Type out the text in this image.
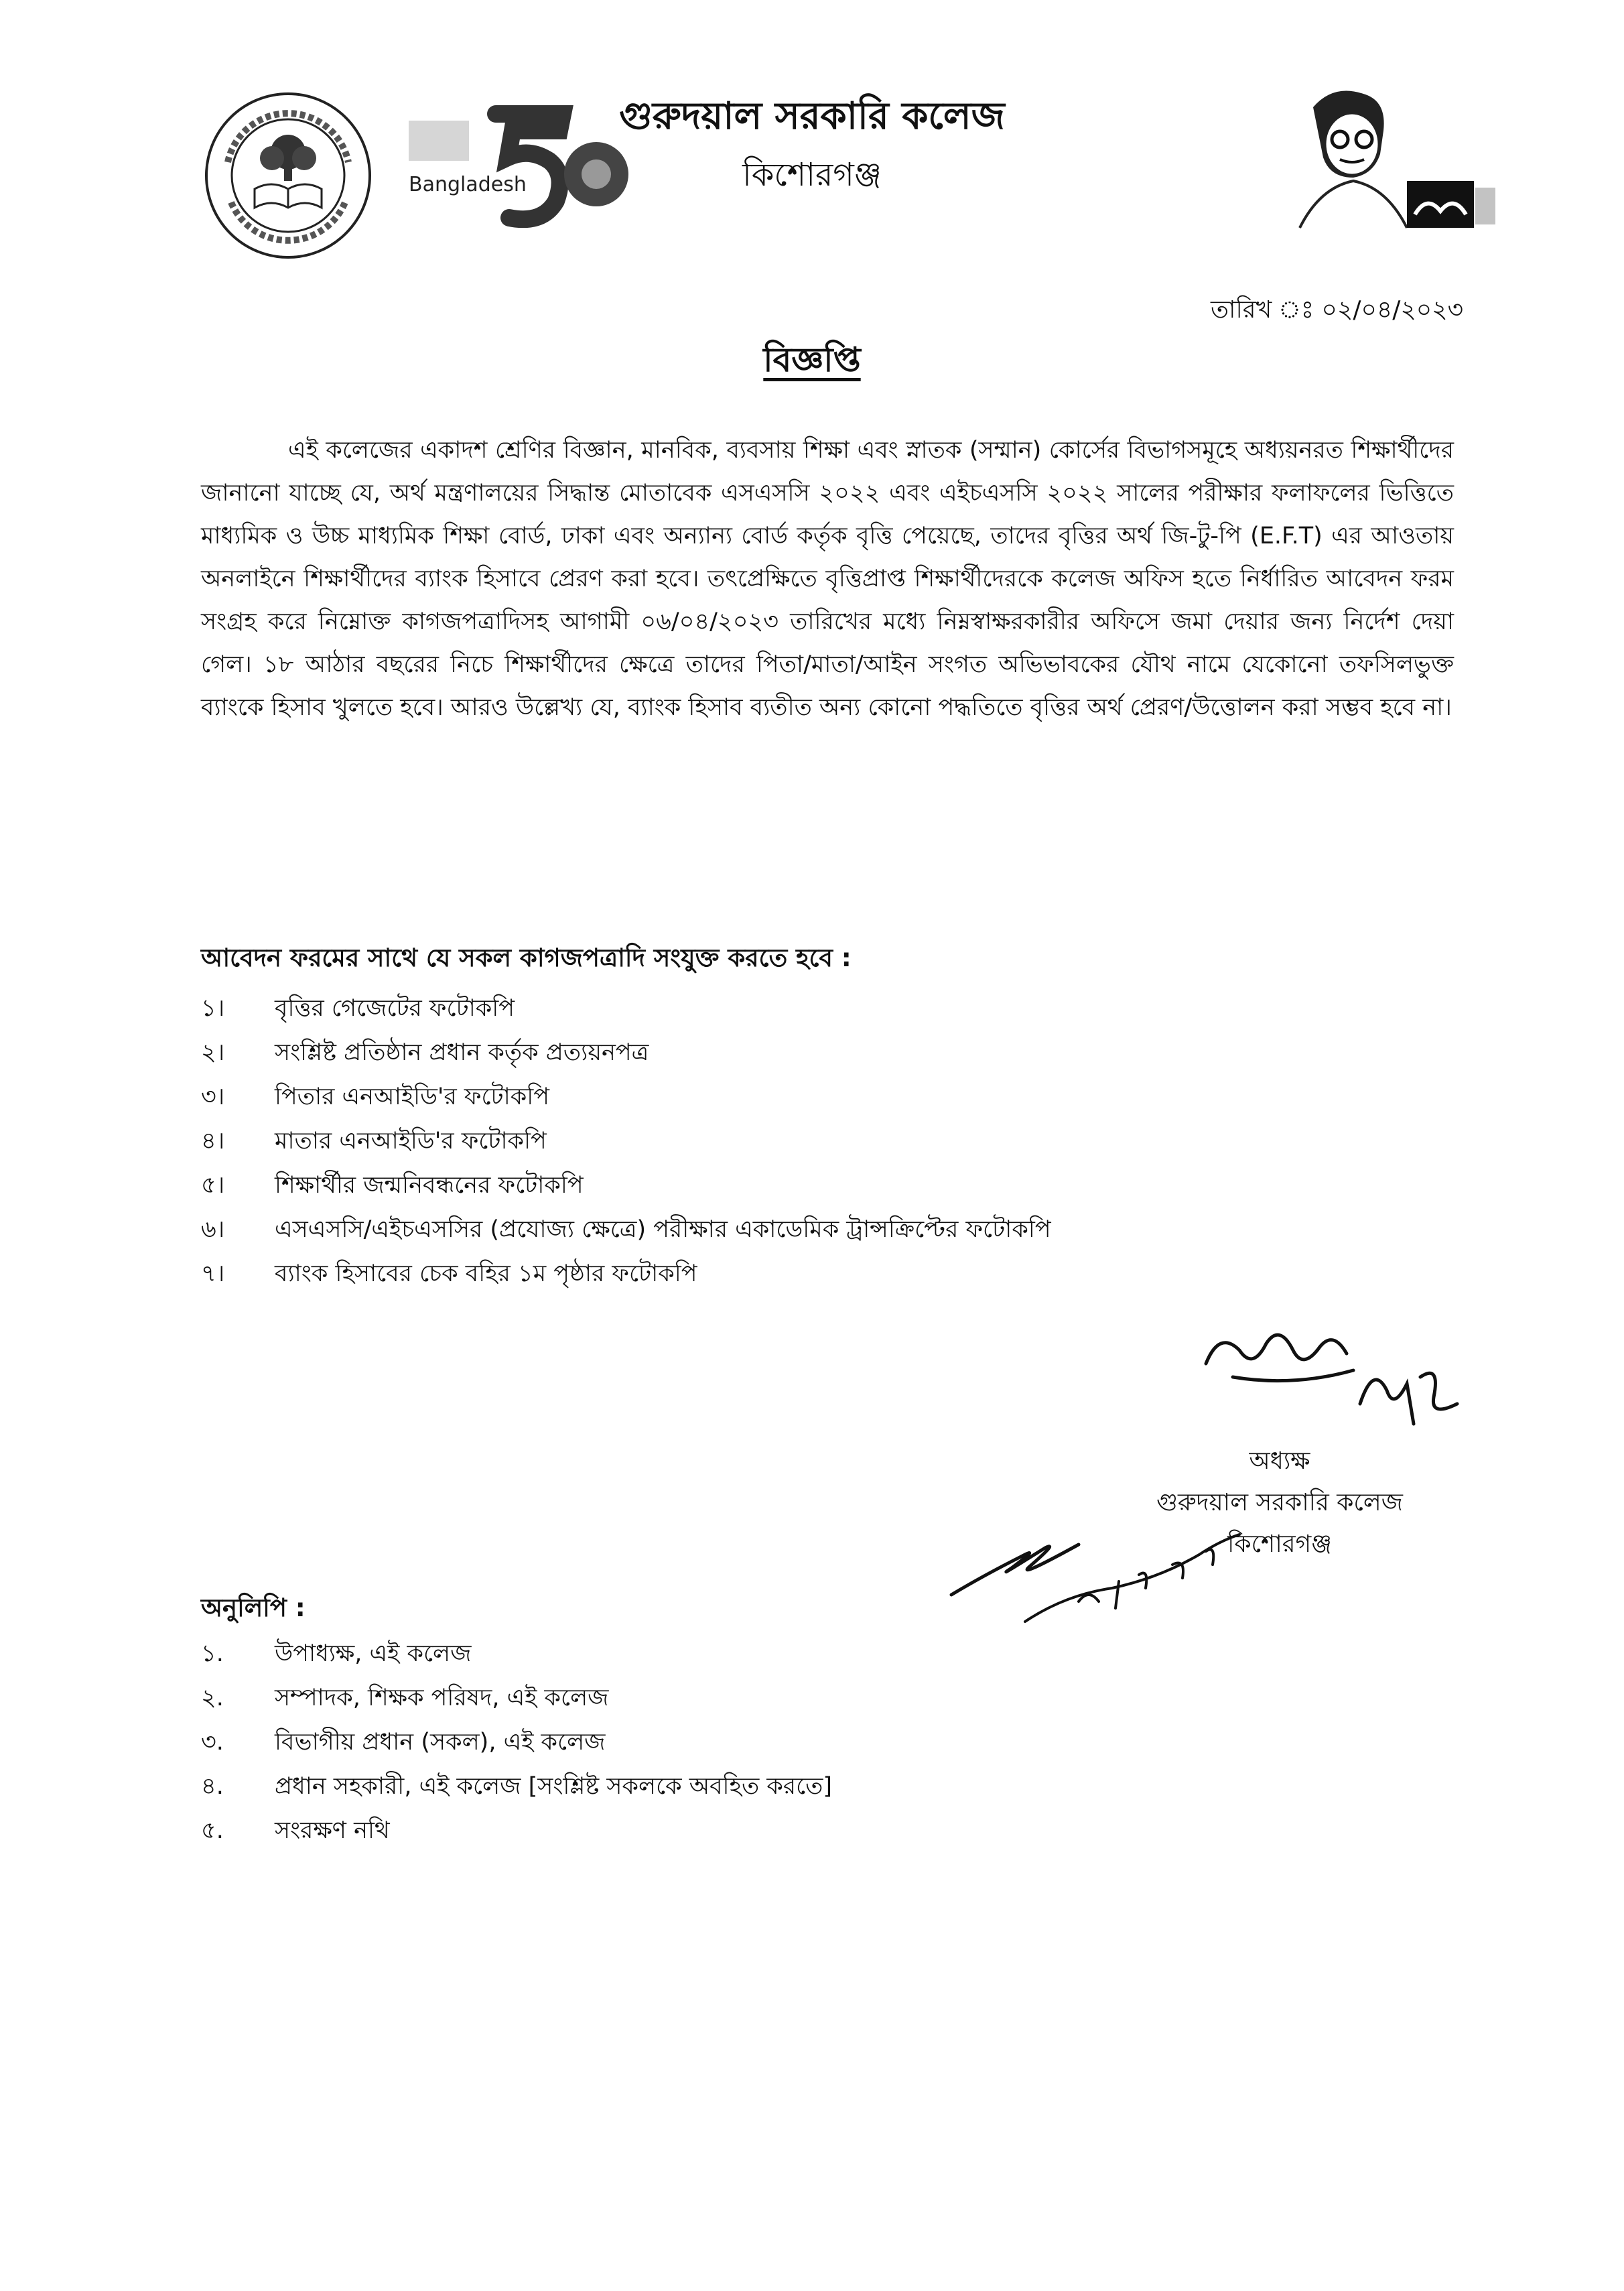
Bangladesh
গুরুদয়াল সরকারি কলেজ
কিশোরগঞ্জ
তারিখ ঃ ০২/০৪/২০২৩
বিজ্ঞপ্তি
এই কলেজের একাদশ শ্রেণির বিজ্ঞান, মানবিক, ব্যবসায় শিক্ষা এবং স্নাতক (সম্মান) কোর্সের বিভাগসমূহে অধ্যয়নরত শিক্ষার্থীদের জানানো যাচ্ছে যে, অর্থ মন্ত্রণালয়ের সিদ্ধান্ত মোতাবেক এসএসসি ২০২২ এবং এইচএসসি ২০২২ সালের পরীক্ষার ফলাফলের ভিত্তিতে মাধ্যমিক ও উচ্চ মাধ্যমিক শিক্ষা বোর্ড, ঢাকা এবং অন্যান্য বোর্ড কর্তৃক বৃত্তি পেয়েছে, তাদের বৃত্তির অর্থ জি-টু-পি (E.F.T) এর আওতায় অনলাইনে শিক্ষার্থীদের ব্যাংক হিসাবে প্রেরণ করা হবে। তৎপ্রেক্ষিতে বৃত্তিপ্রাপ্ত শিক্ষার্থীদেরকে কলেজ অফিস হতে নির্ধারিত আবেদন ফরম সংগ্রহ করে নিম্নোক্ত কাগজপত্রাদিসহ আগামী ০৬/০৪/২০২৩ তারিখের মধ্যে নিম্নস্বাক্ষরকারীর অফিসে জমা দেয়ার জন্য নির্দেশ দেয়া গেল। ১৮ আঠার বছরের নিচে শিক্ষার্থীদের ক্ষেত্রে তাদের পিতা/মাতা/আইন সংগত অভিভাবকের যৌথ নামে যেকোনো তফসিলভুক্ত ব্যাংকে হিসাব খুলতে হবে। আরও উল্লেখ্য যে, ব্যাংক হিসাব ব্যতীত অন্য কোনো পদ্ধতিতে বৃত্তির অর্থ প্রেরণ/উত্তোলন করা সম্ভব হবে না।
আবেদন ফরমের সাথে যে সকল কাগজপত্রাদি সংযুক্ত করতে হবে :
১।	বৃত্তির গেজেটের ফটোকপি
২।	সংশ্লিষ্ট প্রতিষ্ঠান প্রধান কর্তৃক প্রত্যয়নপত্র
৩।	পিতার এনআইডি'র ফটোকপি
৪।	মাতার এনআইডি'র ফটোকপি
৫।	শিক্ষার্থীর জন্মনিবন্ধনের ফটোকপি
৬।	এসএসসি/এইচএসসির (প্রযোজ্য ক্ষেত্রে) পরীক্ষার একাডেমিক ট্রান্সক্রিপ্টের ফটোকপি
৭।	ব্যাংক হিসাবের চেক বহির ১ম পৃষ্ঠার ফটোকপি
অধ্যক্ষ
গুরুদয়াল সরকারি কলেজ
কিশোরগঞ্জ
অনুলিপি :
১.	উপাধ্যক্ষ, এই কলেজ
২.	সম্পাদক, শিক্ষক পরিষদ, এই কলেজ
৩.	বিভাগীয় প্রধান (সকল), এই কলেজ
৪.	প্রধান সহকারী, এই কলেজ [সংশ্লিষ্ট সকলকে অবহিত করতে]
৫.	সংরক্ষণ নথি
